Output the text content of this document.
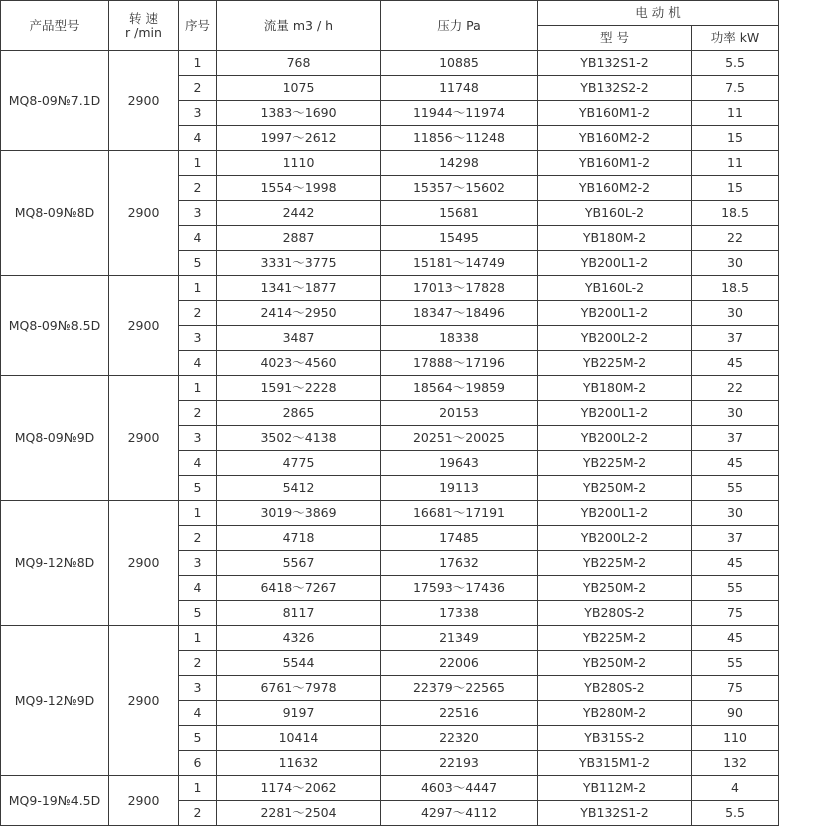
产品型号	转 速
r /min	序号	流量 m3 / h	压力 Pa	电 动 机	
					型 号	功率 kW
MQ8-09№7.1D	2900	1	768	10885	YB132S1-2	5.5
		2	1075	11748	YB132S2-2	7.5
		3	1383～1690	11944～11974	YB160M1-2	11
		4	1997～2612	11856～11248	YB160M2-2	15
MQ8-09№8D	2900	1	1110	14298	YB160M1-2	11
		2	1554～1998	15357～15602	YB160M2-2	15
		3	2442	15681	YB160L-2	18.5
		4	2887	15495	YB180M-2	22
		5	3331～3775	15181～14749	YB200L1-2	30
MQ8-09№8.5D	2900	1	1341～1877	17013～17828	YB160L-2	18.5
		2	2414～2950	18347～18496	YB200L1-2	30
		3	3487	18338	YB200L2-2	37
		4	4023～4560	17888～17196	YB225M-2	45
MQ8-09№9D	2900	1	1591～2228	18564～19859	YB180M-2	22
		2	2865	20153	YB200L1-2	30
		3	3502～4138	20251～20025	YB200L2-2	37
		4	4775	19643	YB225M-2	45
		5	5412	19113	YB250M-2	55
MQ9-12№8D	2900	1	3019～3869	16681～17191	YB200L1-2	30
		2	4718	17485	YB200L2-2	37
		3	5567	17632	YB225M-2	45
		4	6418～7267	17593～17436	YB250M-2	55
		5	8117	17338	YB280S-2	75
MQ9-12№9D	2900	1	4326	21349	YB225M-2	45
		2	5544	22006	YB250M-2	55
		3	6761～7978	22379～22565	YB280S-2	75
		4	9197	22516	YB280M-2	90
		5	10414	22320	YB315S-2	110
		6	11632	22193	YB315M1-2	132
MQ9-19№4.5D	2900	1	1174～2062	4603～4447	YB112M-2	4
		2	2281～2504	4297～4112	YB132S1-2	5.5
